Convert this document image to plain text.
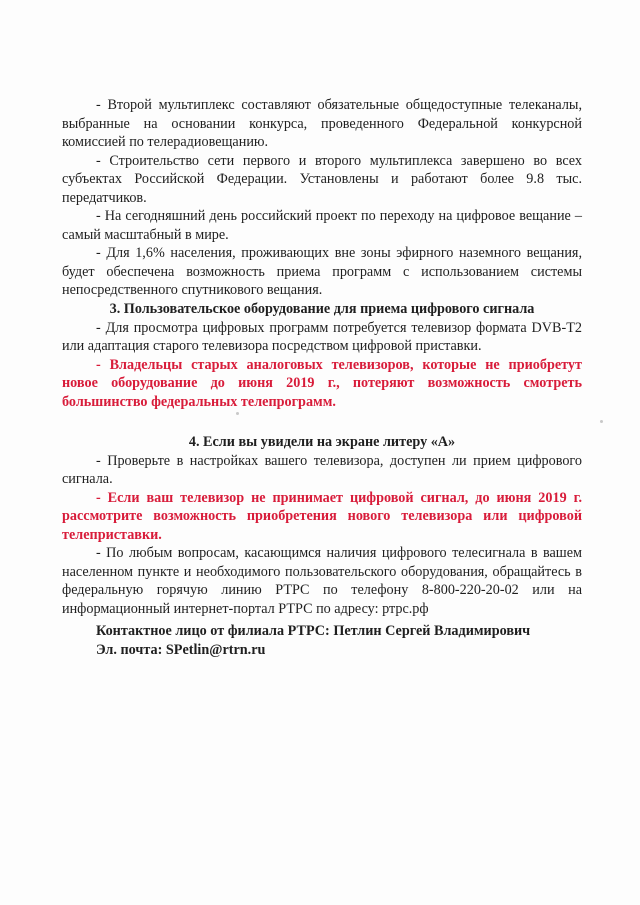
- Второй мультиплекс составляют обязательные общедоступные телеканалы, выбранные на основании конкурса, проведенного Федеральной конкурсной комиссией по телерадиовещанию.

- Строительство сети первого и второго мультиплекса завершено во всех субъектах Российской Федерации. Установлены и работают более 9.8 тыс. передатчиков.

- На сегодняшний день российский проект по переходу на цифровое вещание – самый масштабный в мире.

- Для 1,6% населения, проживающих вне зоны эфирного наземного вещания, будет обеспечена возможность приема программ с использованием системы непосредственного спутникового вещания.

3. Пользовательское оборудование для приема цифрового сигнала

- Для просмотра цифровых программ потребуется телевизор формата DVB-T2 или адаптация старого телевизора посредством цифровой приставки.

- Владельцы старых аналоговых телевизоров, которые не приобретут новое оборудование до июня 2019 г., потеряют возможность смотреть большинство федеральных телепрограмм.

4. Если вы увидели на экране литеру «А»

- Проверьте в настройках вашего телевизора, доступен ли прием цифрового сигнала.

- Если ваш телевизор не принимает цифровой сигнал, до июня 2019 г. рассмотрите возможность приобретения нового телевизора или цифровой телеприставки.

- По любым вопросам, касающимся наличия цифрового телесигнала в вашем населенном пункте и необходимого пользовательского оборудования, обращайтесь в федеральную горячую линию РТРС по телефону 8-800-220-20-02 или на информационный интернет-портал РТРС по адресу: ртрс.рф

Контактное лицо от филиала РТРС: Петлин Сергей Владимирович

Эл. почта: SPetlin@rtrn.ru
